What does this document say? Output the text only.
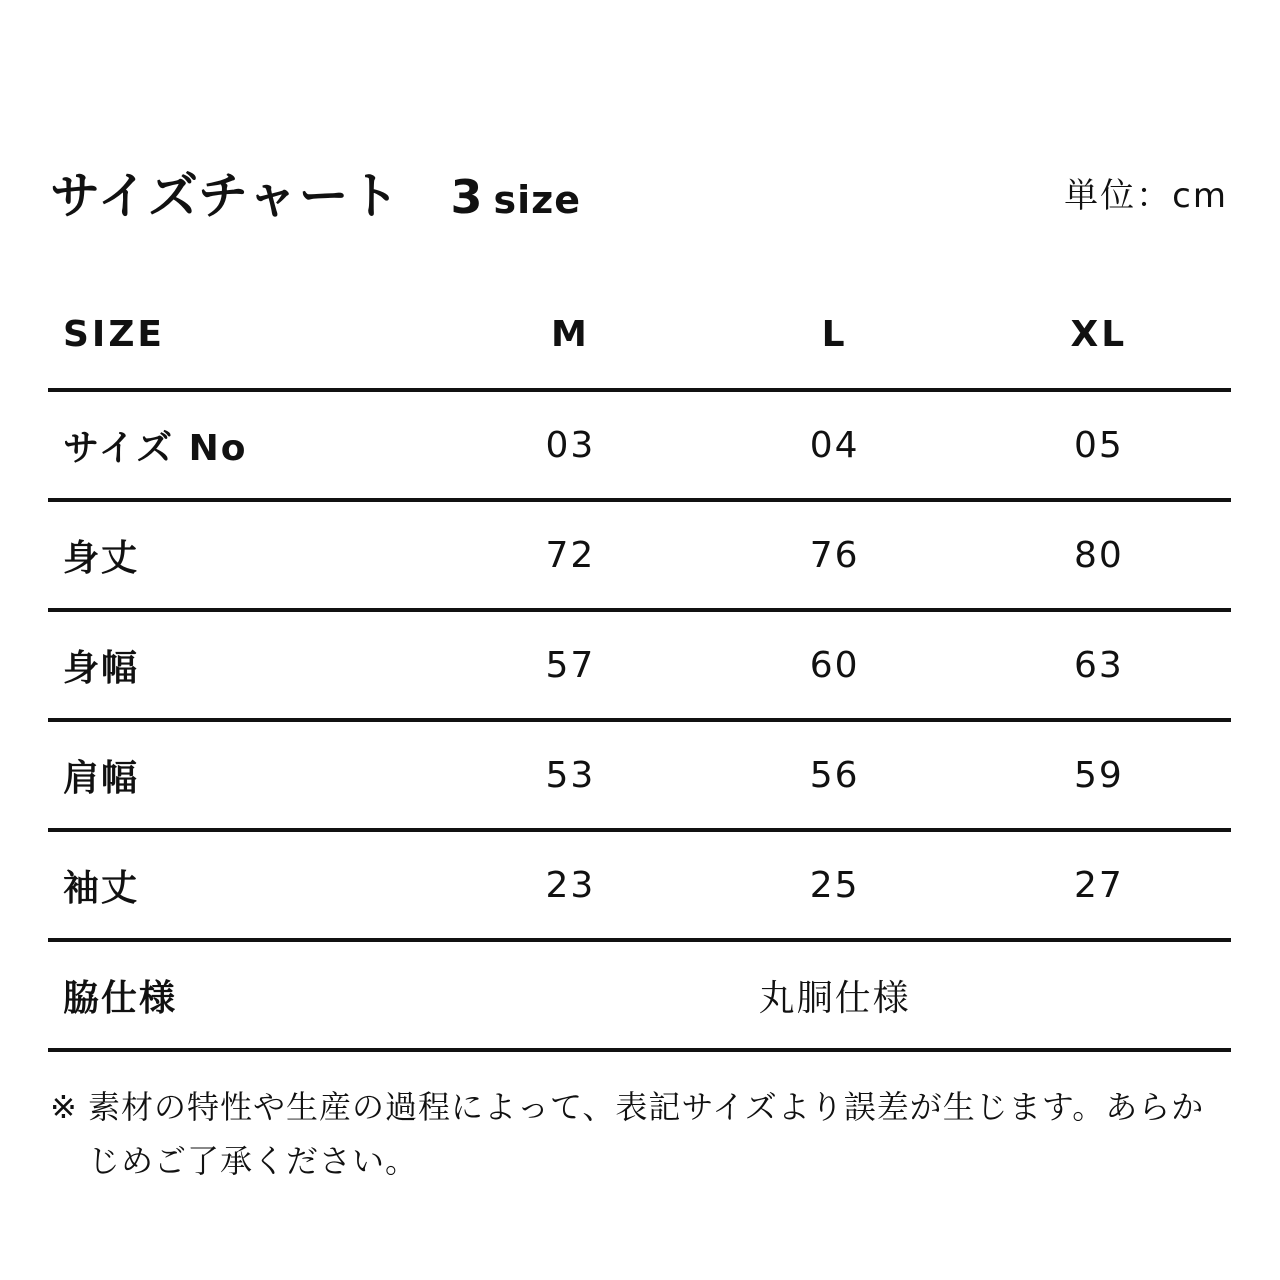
サイズチャート 3 size	単位：cm
SIZE	M	L	XL
サイズ No	03	04	05
身丈	72	76	80
身幅	57	60	63
肩幅	53	56	59
袖丈	23	25	27
脇仕様	丸胴仕様		
※ 素材の特性や生産の過程によって、表記サイズより誤差が生じます。あらか
じめご了承ください。
